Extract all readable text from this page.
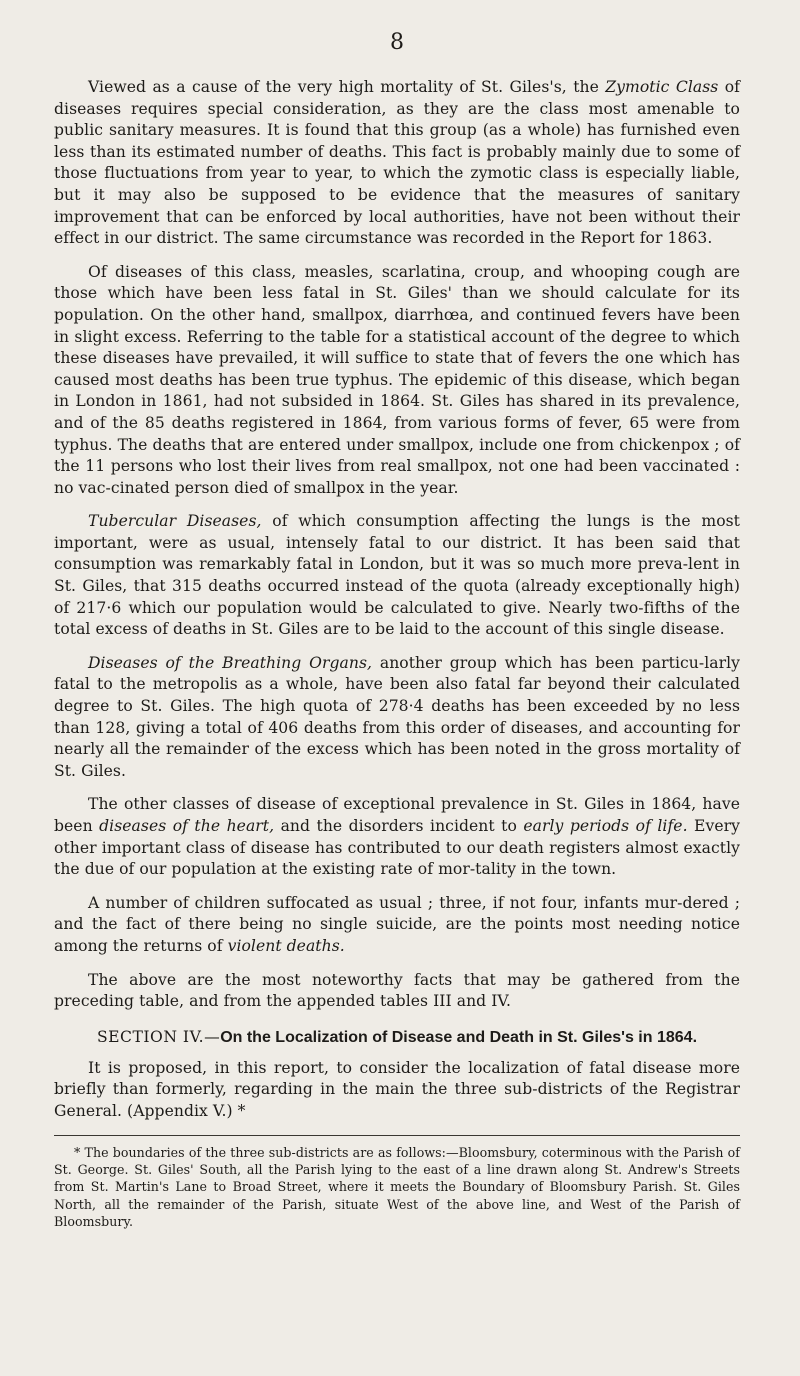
8

Viewed as a cause of the very high mortality of St. Giles's, the Zymotic Class of diseases requires special consideration, as they are the class most amenable to public sanitary measures. It is found that this group (as a whole) has furnished even less than its estimated number of deaths. This fact is probably mainly due to some of those fluctuations from year to year, to which the zymotic class is especially liable, but it may also be supposed to be evidence that the measures of sanitary improvement that can be enforced by local authorities, have not been without their effect in our district. The same circumstance was recorded in the Report for 1863.

Of diseases of this class, measles, scarlatina, croup, and whooping cough are those which have been less fatal in St. Giles' than we should calculate for its population. On the other hand, smallpox, diarrhœa, and continued fevers have been in slight excess. Referring to the table for a statistical account of the degree to which these diseases have prevailed, it will suffice to state that of fevers the one which has caused most deaths has been true typhus. The epidemic of this disease, which began in London in 1861, had not subsided in 1864. St. Giles has shared in its prevalence, and of the 85 deaths registered in 1864, from various forms of fever, 65 were from typhus. The deaths that are entered under smallpox, include one from chickenpox ; of the 11 persons who lost their lives from real smallpox, not one had been vaccinated : no vac-cinated person died of smallpox in the year.

Tubercular Diseases, of which consumption affecting the lungs is the most important, were as usual, intensely fatal to our district. It has been said that consumption was remarkably fatal in London, but it was so much more preva-lent in St. Giles, that 315 deaths occurred instead of the quota (already exceptionally high) of 217·6 which our population would be calculated to give. Nearly two-fifths of the total excess of deaths in St. Giles are to be laid to the account of this single disease.

Diseases of the Breathing Organs, another group which has been particu-larly fatal to the metropolis as a whole, have been also fatal far beyond their calculated degree to St. Giles. The high quota of 278·4 deaths has been exceeded by no less than 128, giving a total of 406 deaths from this order of diseases, and accounting for nearly all the remainder of the excess which has been noted in the gross mortality of St. Giles.

The other classes of disease of exceptional prevalence in St. Giles in 1864, have been diseases of the heart, and the disorders incident to early periods of life. Every other important class of disease has contributed to our death registers almost exactly the due of our population at the existing rate of mor-tality in the town.

A number of children suffocated as usual ; three, if not four, infants mur-dered ; and the fact of there being no single suicide, are the points most needing notice among the returns of violent deaths.

The above are the most noteworthy facts that may be gathered from the preceding table, and from the appended tables III and IV.

SECTION IV.—On the Localization of Disease and Death in St. Giles's in 1864.

It is proposed, in this report, to consider the localization of fatal disease more briefly than formerly, regarding in the main the three sub-districts of the Registrar General. (Appendix V.) *

* The boundaries of the three sub-districts are as follows:—Bloomsbury, coterminous with the Parish of St. George. St. Giles' South, all the Parish lying to the east of a line drawn along St. Andrew's Streets from St. Martin's Lane to Broad Street, where it meets the Boundary of Bloomsbury Parish. St. Giles North, all the remainder of the Parish, situate West of the above line, and West of the Parish of Bloomsbury.
